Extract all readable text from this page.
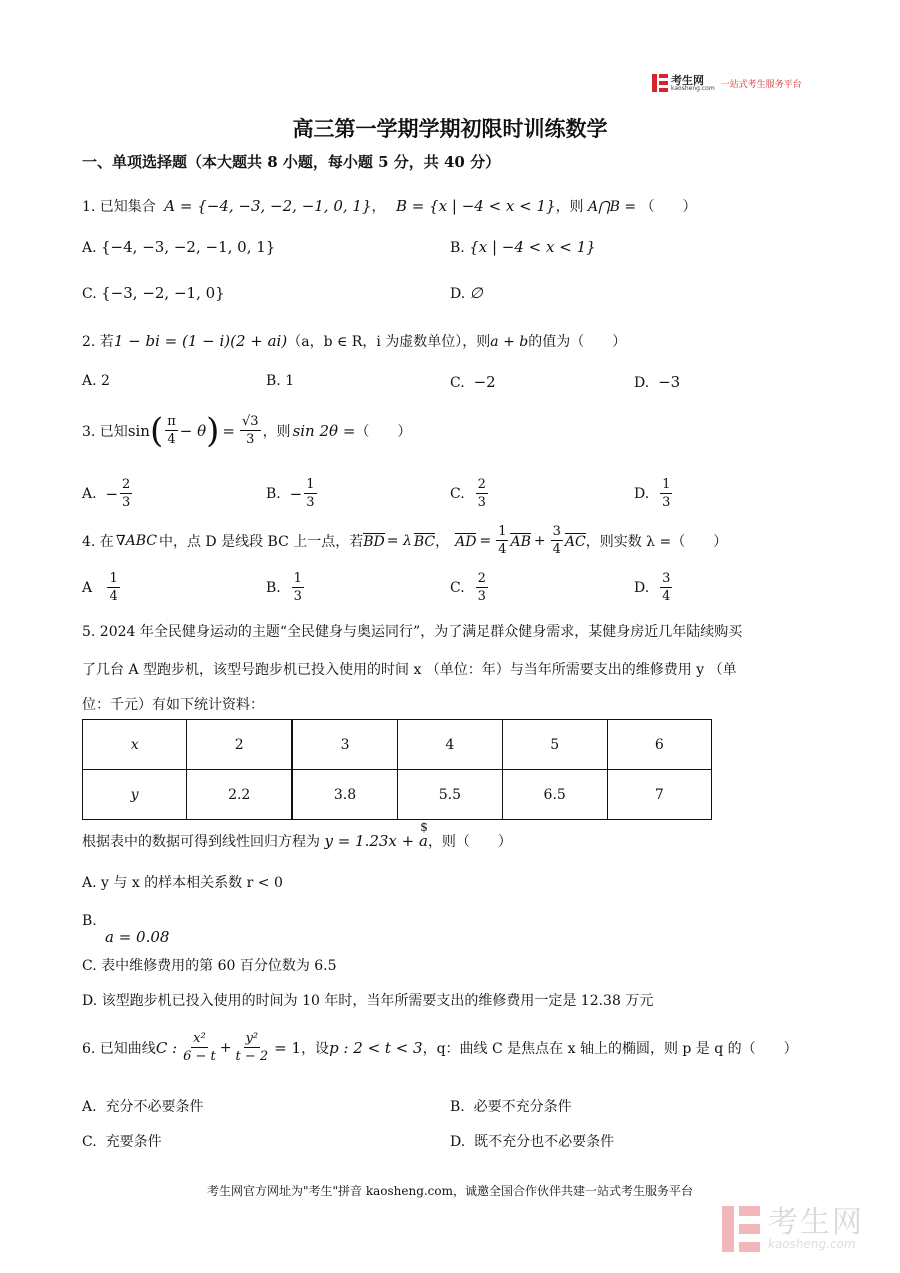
考生网
kaosheng.com 一站式考生服务平台
高三第一学期学期初限时训练数学
一、单项选择题（本大题共 8 小题，每小题 5 分，共 40 分）
1. 已知集合 A = {−4, −3, −2, −1, 0, 1}， B = {x | −4 < x < 1}，则 A⋂B = （　　）
A. {−4, −3, −2, −1, 0, 1}	B. {x | −4 < x < 1}
C. {−3, −2, −1, 0}	D. ∅
2. 若1 − bi = (1 − i)(2 + ai)（a，b ∈ R，i 为虚数单位），则a + b的值为（　　）
A. 2	B. 1	C. −2	D. −3
3. 已知 sin ( $\frac{\pi}{4} - \theta$ ) = $\frac{√3}{3}$ ，则 sin 2θ = （　　）
A.
− $\frac{2}{3}$	B.
− $\frac{1}{3}$	C.
$\frac{2}{3}$	D.
$\frac{1}{3}$
4. 在 ∇ABC 中，点 D 是线段 BC 上一点，若 BD = λ BC ， AD = $\frac{1}{4}$ AB + $\frac{3}{4}$ AC ，则实数 λ =（　　）
A
$\frac{1}{4}$	B.
$\frac{1}{3}$	C.
$\frac{2}{3}$	D.
$\frac{3}{4}$
5. 2024 年全民健身运动的主题“全民健身与奥运同行”，为了满足群众健身需求，某健身房近几年陆续购买
了几台 A 型跑步机，该型号跑步机已投入使用的时间 x （单位：年）与当年所需要支出的维修费用 y （单
位：千元）有如下统计资料：
x	2	3	4	5	6
y	2.2	3.8	5.5	6.5	7
根据表中的数据可得到线性回归方程为 y = 1.23x + a
$
，则（　　）
A. y 与 x 的样本相关系数 r < 0
B.
a = 0.08
C. 表中维修费用的第 60 百分位数为 6.5
D. 该型跑步机已投入使用的时间为 10 年时，当年所需要支出的维修费用一定是 12.38 万元
6. 已知曲线 C : $\frac{\text{x²}}{6 - t} + \frac{\text{y²}}{t - 2} = 1$ ，设 p : 2 < t < 3 ，q：曲线 C 是焦点在 x 轴上的椭圆，则 p 是 q 的（　　）
A. 充分不必要条件	B. 必要不充分条件
C. 充要条件	D. 既不充分也不必要条件
考生网官方网址为"考生"拼音 kaosheng.com，诚邀全国合作伙伴共建一站式考生服务平台
考生网
kaosheng.com
